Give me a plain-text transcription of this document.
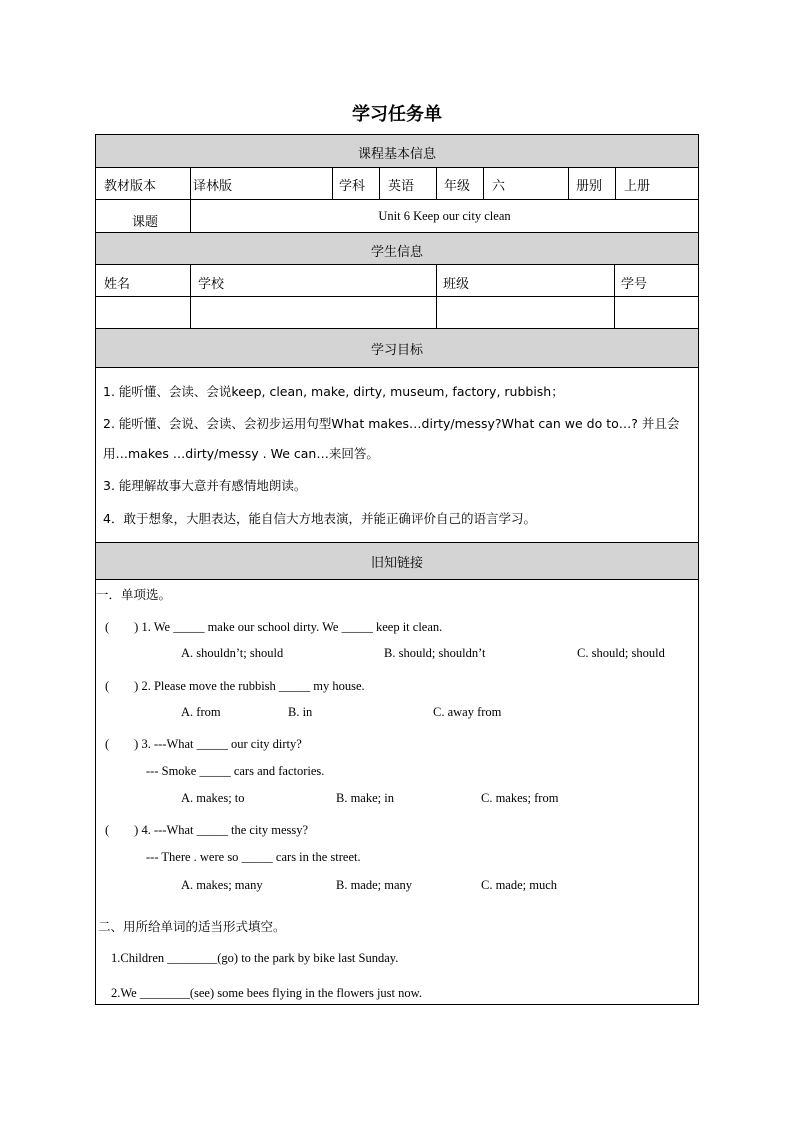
学习任务单
课程基本信息
教材版本	译林版	学科 英语 年级 六	册别 上册
课题	Unit 6 Keep our city clean
学生信息
姓名	学校	班级	学号
学习目标
1. 能听懂、会读、会说keep, clean, make, dirty, museum, factory, rubbish；
2. 能听懂、会说、会读、会初步运用句型What makes…dirty/messy?What can we do to…? 并且会
用…makes …dirty/messy . We can…来回答。
3. 能理解故事大意并有感情地朗读。
4．敢于想象，大胆表达，能自信大方地表演，并能正确评价自己的语言学习。
旧知链接
一．单项选。
(　　) 1. We _____ make our school dirty. We _____ keep it clean.
A. shouldn’t; should	B. should; shouldn’t	C. should; should
(　　) 2. Please move the rubbish _____ my house.
A. from	B. in	C. away from
(　　) 3. ---What _____ our city dirty?
--- Smoke _____ cars and factories.
A. makes; to	B. make; in	C. makes; from
(　　) 4. ---What _____ the city messy?
--- There . were so _____ cars in the street.
A. makes; many	B. made; many	C. made; much
二、用所给单词的适当形式填空。
1.Children ________(go) to the park by bike last Sunday.
2.We ________(see) some bees flying in the flowers just now.
